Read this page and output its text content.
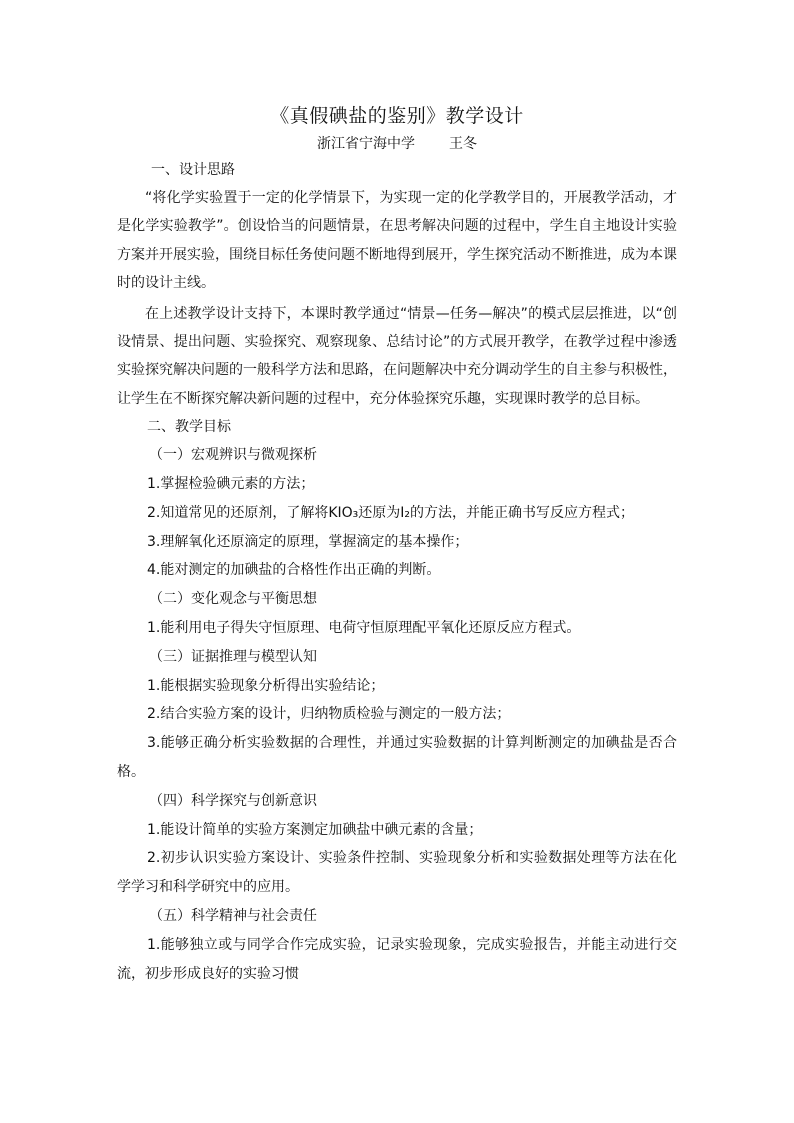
《真假碘盐的鉴别》教学设计

浙江省宁海中学 王冬

一、设计思路

“将化学实验置于一定的化学情景下，为实现一定的化学教学目的，开展教学活动，才是化学实验教学”。创设恰当的问题情景，在思考解决问题的过程中，学生自主地设计实验方案并开展实验，围绕目标任务使问题不断地得到展开，学生探究活动不断推进，成为本课时的设计主线。

在上述教学设计支持下，本课时教学通过“情景—任务—解决”的模式层层推进，以“创设情景、提出问题、实验探究、观察现象、总结讨论”的方式展开教学，在教学过程中渗透实验探究解决问题的一般科学方法和思路，在问题解决中充分调动学生的自主参与积极性，让学生在不断探究解决新问题的过程中，充分体验探究乐趣，实现课时教学的总目标。

二、教学目标

（一）宏观辨识与微观探析

1.掌握检验碘元素的方法；

2.知道常见的还原剂，了解将KIO₃还原为I₂的方法，并能正确书写反应方程式；

3.理解氧化还原滴定的原理，掌握滴定的基本操作；

4.能对测定的加碘盐的合格性作出正确的判断。

（二）变化观念与平衡思想

1.能利用电子得失守恒原理、电荷守恒原理配平氧化还原反应方程式。

（三）证据推理与模型认知

1.能根据实验现象分析得出实验结论；

2.结合实验方案的设计，归纳物质检验与测定的一般方法；

3.能够正确分析实验数据的合理性，并通过实验数据的计算判断测定的加碘盐是否合格。

（四）科学探究与创新意识

1.能设计简单的实验方案测定加碘盐中碘元素的含量；

2.初步认识实验方案设计、实验条件控制、实验现象分析和实验数据处理等方法在化学学习和科学研究中的应用。

（五）科学精神与社会责任

1.能够独立或与同学合作完成实验，记录实验现象，完成实验报告，并能主动进行交流，初步形成良好的实验习惯
